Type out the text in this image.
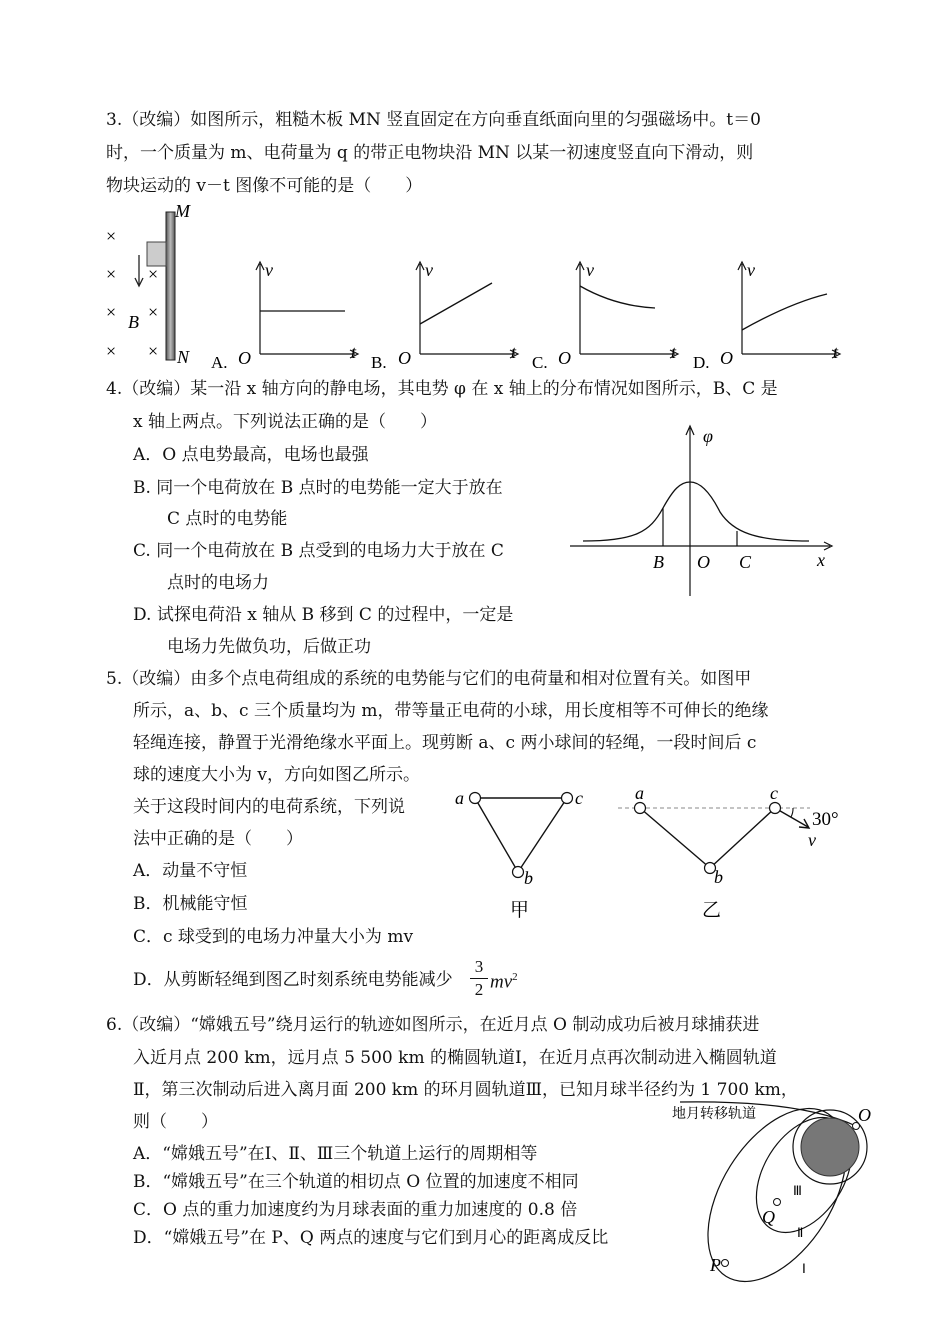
3.（改编）如图所示，粗糙木板 MN 竖直固定在方向垂直纸面向里的匀强磁场中。t＝0
时，一个质量为 m、电荷量为 q 的带正电物块沿 MN 以某一初速度竖直向下滑动，则
物块运动的 v－t 图像不可能的是（　　）
M
N
B
×
×
×
×
×
×
×
v
t
O
A.
v
t
O
B.
v
t
O
C.
v
t
O
D.
4.（改编）某一沿 x 轴方向的静电场，其电势 φ 在 x 轴上的分布情况如图所示，B、C 是
x 轴上两点。下列说法正确的是（　　）
A．O 点电势最高，电场也最强
B. 同一个电荷放在 B 点时的电势能一定大于放在
C 点时的电势能
C. 同一个电荷放在 B 点受到的电场力大于放在 C
点时的电场力
D. 试探电荷沿 x 轴从 B 移到 C 的过程中，一定是
电场力先做负功，后做正功
φ
B O C	x
5.（改编）由多个点电荷组成的系统的电势能与它们的电荷量和相对位置有关。如图甲
所示，a、b、c 三个质量均为 m，带等量正电荷的小球，用长度相等不可伸长的绝缘
轻绳连接，静置于光滑绝缘水平面上。现剪断 a、c 两小球间的轻绳，一段时间后 c
球的速度大小为 v，方向如图乙所示。
关于这段时间内的电荷系统，下列说
法中正确的是（　　）
A．动量不守恒
B．机械能守恒
C．c 球受到的电场力冲量大小为 mv
D．从剪断轻绳到图乙时刻系统电势能减少
3
2 $mv^2$
a	c
b
甲
a	c
b
v
30°
乙
6.（改编）“嫦娥五号”绕月运行的轨迹如图所示，在近月点 O 制动成功后被月球捕获进
入近月点 200 km，远月点 5 500 km 的椭圆轨道Ⅰ，在近月点再次制动进入椭圆轨道
Ⅱ，第三次制动后进入离月面 200 km 的环月圆轨道Ⅲ，已知月球半径约为 1 700 km，
则（　　）
A．“嫦娥五号”在Ⅰ、Ⅱ、Ⅲ三个轨道上运行的周期相等
B．“嫦娥五号”在三个轨道的相切点 O 位置的加速度不相同
C．O 点的重力加速度约为月球表面的重力加速度的 0.8 倍
D．“嫦娥五号”在 P、Q 两点的速度与它们到月心的距离成反比
地月转移轨道	O
Q
P
Ⅲ
Ⅱ
Ⅰ
